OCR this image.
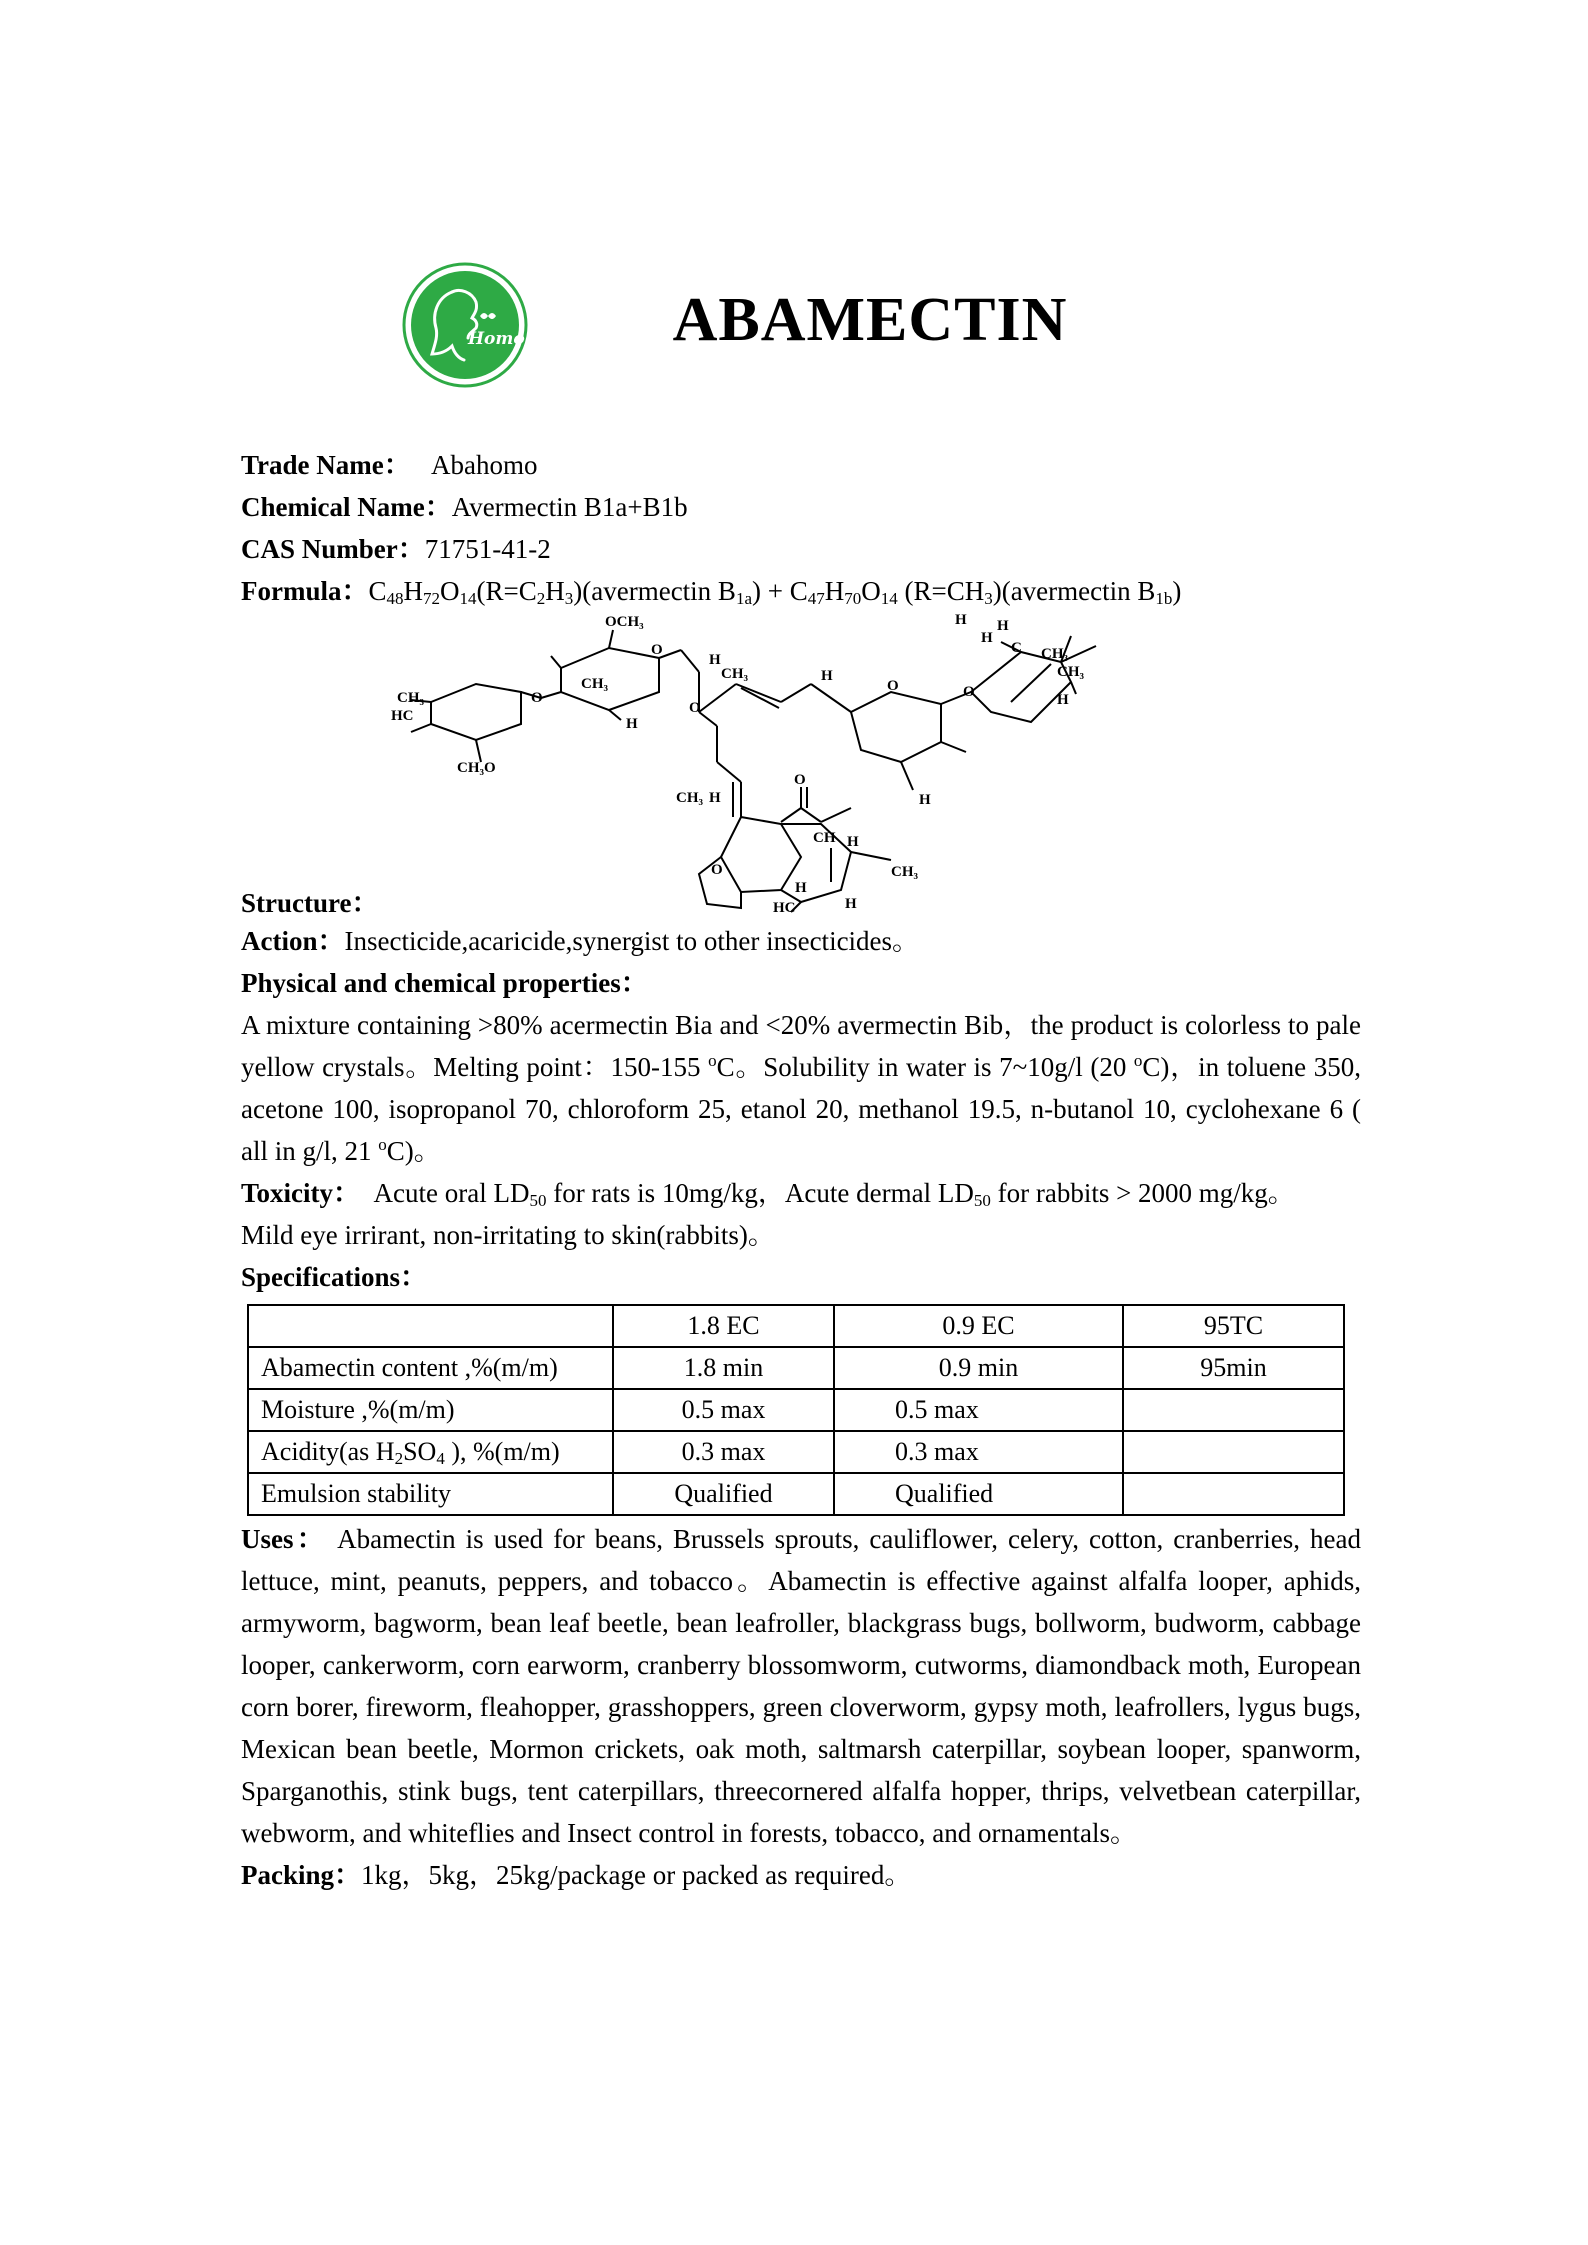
Homo	ABAMECTIN
Trade Name： Abahomo
Chemical Name：Avermectin B1a+B1b
CAS Number：71751-41-2
Formula：$C_{48}H_{72}O_{14}(R=C_2H_3)(avermectin$ $B_{1a}) + C_{47}H_{70}O_{14}$ $(R=CH_3)(avermectin$ $B_{1b}$)
OCH₃
CH₃
CH₃
HC
CH₃O
O
O
O
H
H
CH₃
CH₃ H
O
H
H
O
H
H
C CH₃
CH₃
H
H
O
CH H
CH₃
O
H
HC	H
Structure：
Action：Insecticide,acaricide,synergist to other insecticides。
Physical and chemical properties：
A mixture containing >80% acermectin Bia and <20% avermectin Bib，the product is colorless to pale yellow crystals。Melting point：150-155 $^o$C。Solubility in water is 7~10g/l (20 $^o$C)，in toluene 350, acetone 100, isopropanol 70, chloroform 25, etanol 20, methanol 19.5, n-butanol 10, cyclohexane 6 ( all in g/l, 21 $^o$C)。
Toxicity： Acute oral $LD_{50}$ for rats is 10mg/kg，Acute dermal $LD_{50}$ for rabbits > 2000 mg/kg。
Mild eye irrirant, non-irritating to skin(rabbits)。
Specifications：
	1.8 EC	0.9 EC	95TC
Abamectin content ,%(m/m)	1.8 min	0.9 min	95min
Moisture ,%(m/m)	0.5 max	0.5 max	
Acidity(as $H_2SO_4$ ), %(m/m)	0.3 max	0.3 max	
Emulsion stability	Qualified	Qualified	
Uses： Abamectin is used for beans, Brussels sprouts, cauliflower, celery, cotton, cranberries, head lettuce, mint, peanuts, peppers, and tobacco。Abamectin is effective against alfalfa looper, aphids, armyworm, bagworm, bean leaf beetle, bean leafroller, blackgrass bugs, bollworm, budworm, cabbage looper, cankerworm, corn earworm, cranberry blossomworm, cutworms, diamondback moth, European corn borer, fireworm, fleahopper, grasshoppers, green cloverworm, gypsy moth, leafrollers, lygus bugs, Mexican bean beetle, Mormon crickets, oak moth, saltmarsh caterpillar, soybean looper, spanworm, Sparganothis, stink bugs, tent caterpillars, threecornered alfalfa hopper, thrips, velvetbean caterpillar, webworm, and whiteflies and Insect control in forests, tobacco, and ornamentals。
Packing：1kg，5kg，25kg/package or packed as required。
